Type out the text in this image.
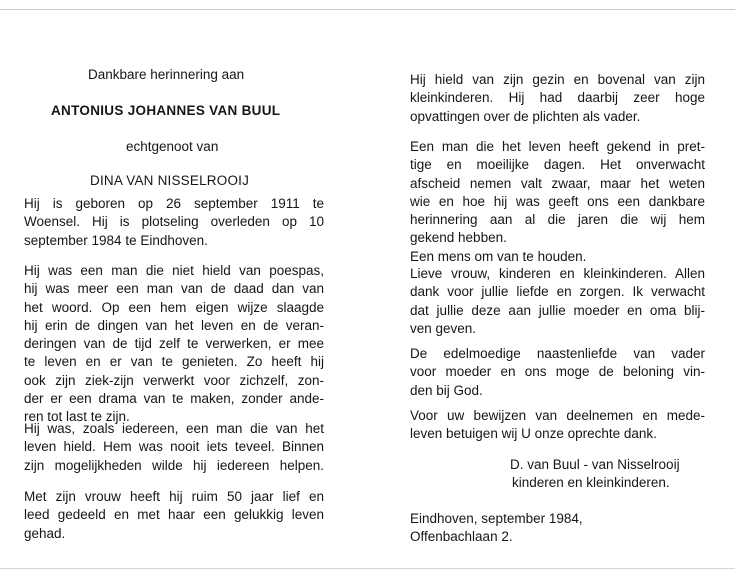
Dankbare herinnering aan
ANTONIUS JOHANNES VAN BUUL
echtgenoot van
DINA VAN NISSELROOIJ
Hij is geboren op 26 september 1911 te
Woensel. Hij is plotseling overleden op 10
september 1984 te Eindhoven.
Hij was een man die niet hield van poespas,
hij was meer een man van de daad dan van
het woord. Op een hem eigen wijze slaagde
hij erin de dingen van het leven en de veran-
deringen van de tijd zelf te verwerken, er mee
te leven en er van te genieten. Zo heeft hij
ook zijn ziek-zijn verwerkt voor zichzelf, zon-
der er een drama van te maken, zonder ande-
ren tot last te zijn.
Hij was, zoals iedereen, een man die van het
leven hield. Hem was nooit iets teveel. Binnen
zijn mogelijkheden wilde hij iedereen helpen.
Met zijn vrouw heeft hij ruim 50 jaar lief en
leed gedeeld en met haar een gelukkig leven
gehad.
Hij hield van zijn gezin en bovenal van zijn
kleinkinderen. Hij had daarbij zeer hoge
opvattingen over de plichten als vader.
Een man die het leven heeft gekend in pret-
tige en moeilijke dagen. Het onverwacht
afscheid nemen valt zwaar, maar het weten
wie en hoe hij was geeft ons een dankbare
herinnering aan al die jaren die wij hem
gekend hebben.
Een mens om van te houden.
Lieve vrouw, kinderen en kleinkinderen. Allen
dank voor jullie liefde en zorgen. Ik verwacht
dat jullie deze aan jullie moeder en oma blij-
ven geven.
De edelmoedige naastenliefde van vader
voor moeder en ons moge de beloning vin-
den bij God.
Voor uw bewijzen van deelnemen en mede-
leven betuigen wij U onze oprechte dank.
D. van Buul - van Nisselrooij
kinderen en kleinkinderen.
Eindhoven, september 1984,
Offenbachlaan 2.
